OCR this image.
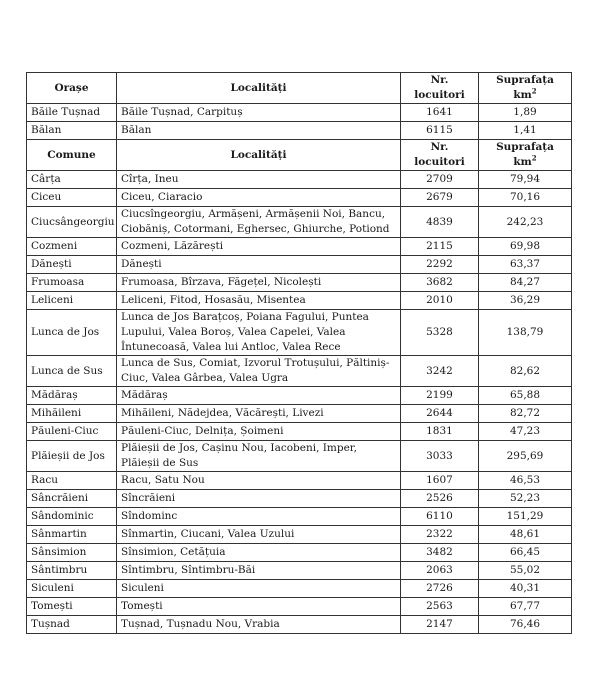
Orașe	Localități	Nr. locuitori	Suprafața $km^2$
Băile Tușnad	Băile Tușnad, Carpituș	1641	1,89
Bălan	Bălan	6115	1,41
Comune	Localități	Nr. locuitori	Suprafața $km^2$
Cârța	Cîrța, Ineu	2709	79,94
Ciceu	Ciceu, Ciaracio	2679	70,16
Ciucsângeorgiu	Ciucsîngeorgiu, Armășeni, Armășenii Noi, Bancu, Ciobăniș, Cotormani, Eghersec, Ghiurche, Potiond	4839	242,23
Cozmeni	Cozmeni, Lăzărești	2115	69,98
Dănești	Dănești	2292	63,37
Frumoasa	Frumoasa, Bîrzava, Făgețel, Nicolești	3682	84,27
Leliceni	Leliceni, Fitod, Hosasău, Misentea	2010	36,29
Lunca de Jos	Lunca de Jos Barațcoș, Poiana Fagului, Puntea Lupului, Valea Boroș, Valea Capelei, Valea Întunecoasă, Valea lui Antloc, Valea Rece	5328	138,79
Lunca de Sus	Lunca de Sus, Comiat, Izvorul Trotușului, Păltiniș-Ciuc, Valea Gârbea, Valea Ugra	3242	82,62
Mădăraș	Mădăraș	2199	65,88
Mihăileni	Mihăileni, Nădejdea, Văcărești, Livezi	2644	82,72
Păuleni-Ciuc	Păuleni-Ciuc, Delnița, Șoimeni	1831	47,23
Plăieșii de Jos	Plăieșii de Jos, Cașinu Nou, Iacobeni, Imper, Plăieșii de Sus	3033	295,69
Racu	Racu, Satu Nou	1607	46,53
Sâncrăieni	Sîncrăieni	2526	52,23
Sândominic	Sîndominc	6110	151,29
Sânmartin	Sînmartin, Ciucani, Valea Uzului	2322	48,61
Sânsimion	Sînsimion, Cetățuia	3482	66,45
Sântimbru	Sîntimbru, Sîntimbru-Băi	2063	55,02
Siculeni	Siculeni	2726	40,31
Tomești	Tomești	2563	67,77
Tușnad	Tușnad, Tușnadu Nou, Vrabia	2147	76,46
